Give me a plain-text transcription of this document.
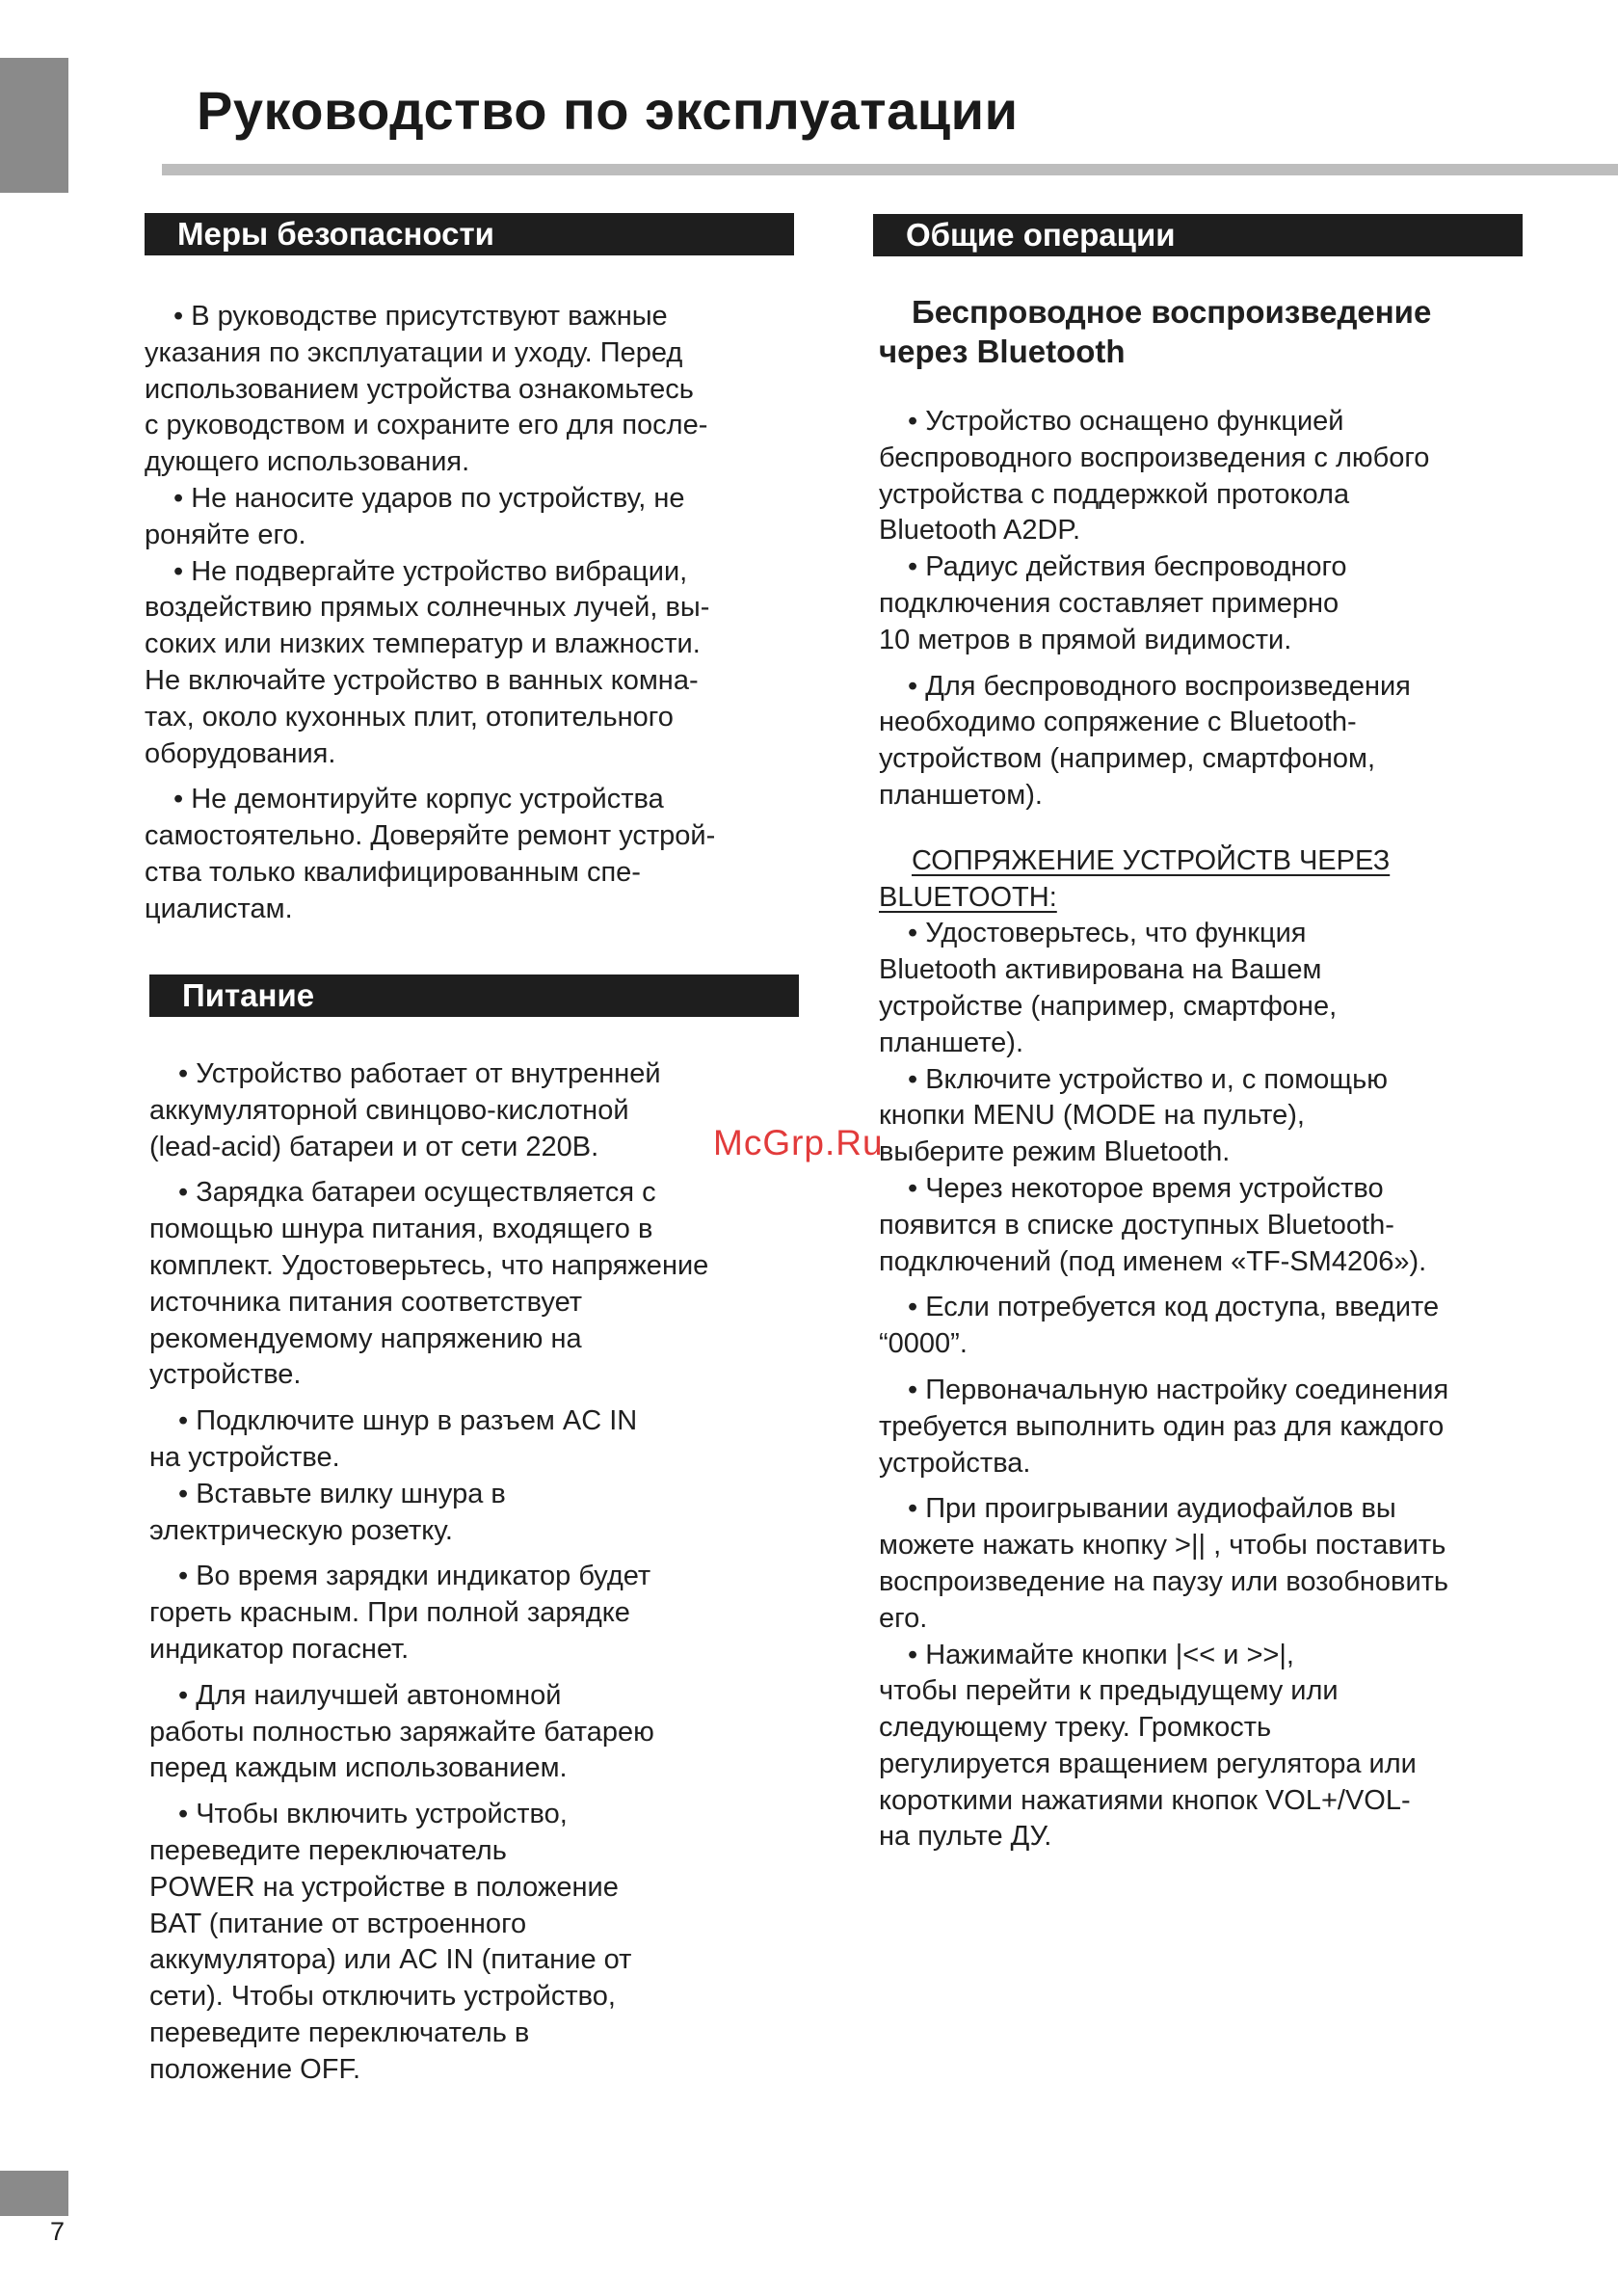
Руководство по эксплуатации
Меры безопасности

• В руководстве присутствуют важные

указания по эксплуатации и уходу. Перед

использованием устройства ознакомьтесь

с руководством и сохраните его для после-

дующего использования.

• Не наносите ударов по устройству, не

роняйте его.

• Не подвергайте устройство вибрации,

воздействию прямых солнечных лучей, вы-

соких или низких температур и влажности.

Не включайте устройство в ванных комна-

тах, около кухонных плит, отопительного

оборудования.

• Не демонтируйте корпус устройства

самостоятельно. Доверяйте ремонт устрой-

ства только квалифицированным спе-

циалистам.

Питание

• Устройство работает от внутренней

аккумуляторной свинцово-кислотной

(lead-acid) батареи и от сети 220В.

• Зарядка батареи осуществляется с

помощью шнура питания, входящего в

комплект. Удостоверьтесь, что напряжение

источника питания соответствует

рекомендуемому напряжению на

устройстве.

• Подключите шнур в разъем AC IN

на устройстве.

• Вставьте вилку шнура в

электрическую розетку.

• Во время зарядки индикатор будет

гореть красным. При полной зарядке

индикатор погаснет.

• Для наилучшей автономной

работы полностью заряжайте батарею

перед каждым использованием.

• Чтобы включить устройство,

переведите переключатель

POWER на устройстве в положение

BAT (питание от встроенного

аккумулятора) или AC IN (питание от

сети). Чтобы отключить устройство,

переведите переключатель в

положение OFF.

Общие операции

Беспроводное воспроизведение

через Bluetooth

• Устройство оснащено функцией

беспроводного воспроизведения с любого

устройства с поддержкой протокола

Bluetooth A2DP.

• Радиус действия беспроводного

подключения составляет примерно

10 метров в прямой видимости.

• Для беспроводного воспроизведения

необходимо сопряжение с Bluetooth-

устройством (например, смартфоном,

планшетом).

СОПРЯЖЕНИЕ УСТРОЙСТВ ЧЕРЕЗ

BLUETOOTH:

• Удостоверьтесь, что функция

Bluetooth активирована на Вашем

устройстве (например, смартфоне,

планшете).

• Включите устройство и, с помощью

кнопки MENU (MODE на пульте),

выберите режим Bluetooth.

• Через некоторое время устройство

появится в списке доступных Bluetooth-

подключений (под именем «TF-SM4206»).

• Если потребуется код доступа, введите

“0000”.

• Первоначальную настройку соединения

требуется выполнить один раз для каждого

устройства.

• При проигрывании аудиофайлов вы

можете нажать кнопку >|| , чтобы поставить

воспроизведение на паузу или возобновить

его.

• Нажимайте кнопки |<< и >>|,

чтобы перейти к предыдущему или

следующему треку. Громкость

регулируется вращением регулятора или

короткими нажатиями кнопок VOL+/VOL-

на пульте ДУ.

McGrp.Ru
7
